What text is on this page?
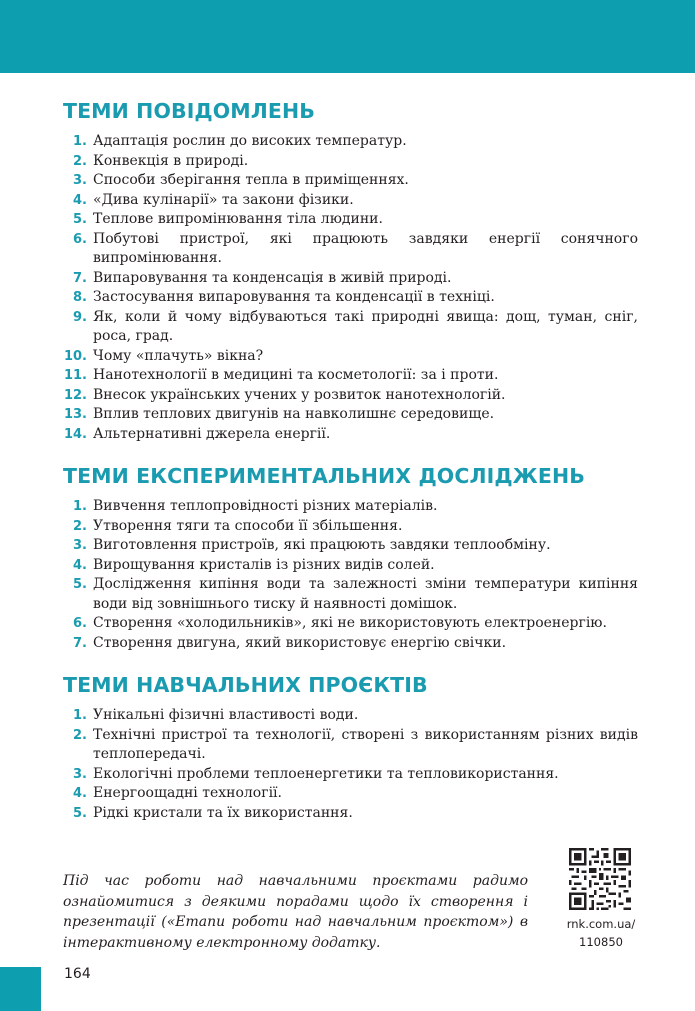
ТЕМИ ПОВІДОМЛЕНЬ
1. Адаптація рослин до високих температур.
2. Конвекція в природі.
3. Способи зберігання тепла в приміщеннях.
4. «Дива кулінарії» та закони фізики.
5. Теплове випромінювання тіла людини.
6. Побутові пристрої, які працюють завдяки енергії сонячного випромінювання.
7. Випаровування та конденсація в живій природі.
8. Застосування випаровування та конденсації в техніці.
9. Як, коли й чому відбуваються такі природні явища: дощ, туман, сніг, роса, град.
10. Чому «плачуть» вікна?
11. Нанотехнології в медицині та косметології: за і проти.
12. Внесок українських учених у розвиток нанотехнологій.
13. Вплив теплових двигунів на навколишнє середовище.
14. Альтернативні джерела енергії.
ТЕМИ ЕКСПЕРИМЕНТАЛЬНИХ ДОСЛІДЖЕНЬ
1. Вивчення теплопровідності різних матеріалів.
2. Утворення тяги та способи її збільшення.
3. Виготовлення пристроїв, які працюють завдяки теплообміну.
4. Вирощування кристалів із різних видів солей.
5. Дослідження кипіння води та залежності зміни температури кипіння води від зовнішнього тиску й наявності домішок.
6. Створення «холодильників», які не використовують електроенергію.
7. Створення двигуна, який використовує енергію свічки.
ТЕМИ НАВЧАЛЬНИХ ПРОЄКТІВ
1. Унікальні фізичні властивості води.
2. Технічні пристрої та технології, створені з використанням різних видів теплопередачі.
3. Екологічні проблеми теплоенергетики та тепловикористання.
4. Енергоощадні технології.
5. Рідкі кристали та їх використання.

Під час роботи над навчальними проєктами радимо ознайомитися з деякими порадами щодо їх створення і презентації («Етапи роботи над навчальним проєктом») в інтерактивному електронному додатку.

rnk.com.ua/
110850
164
